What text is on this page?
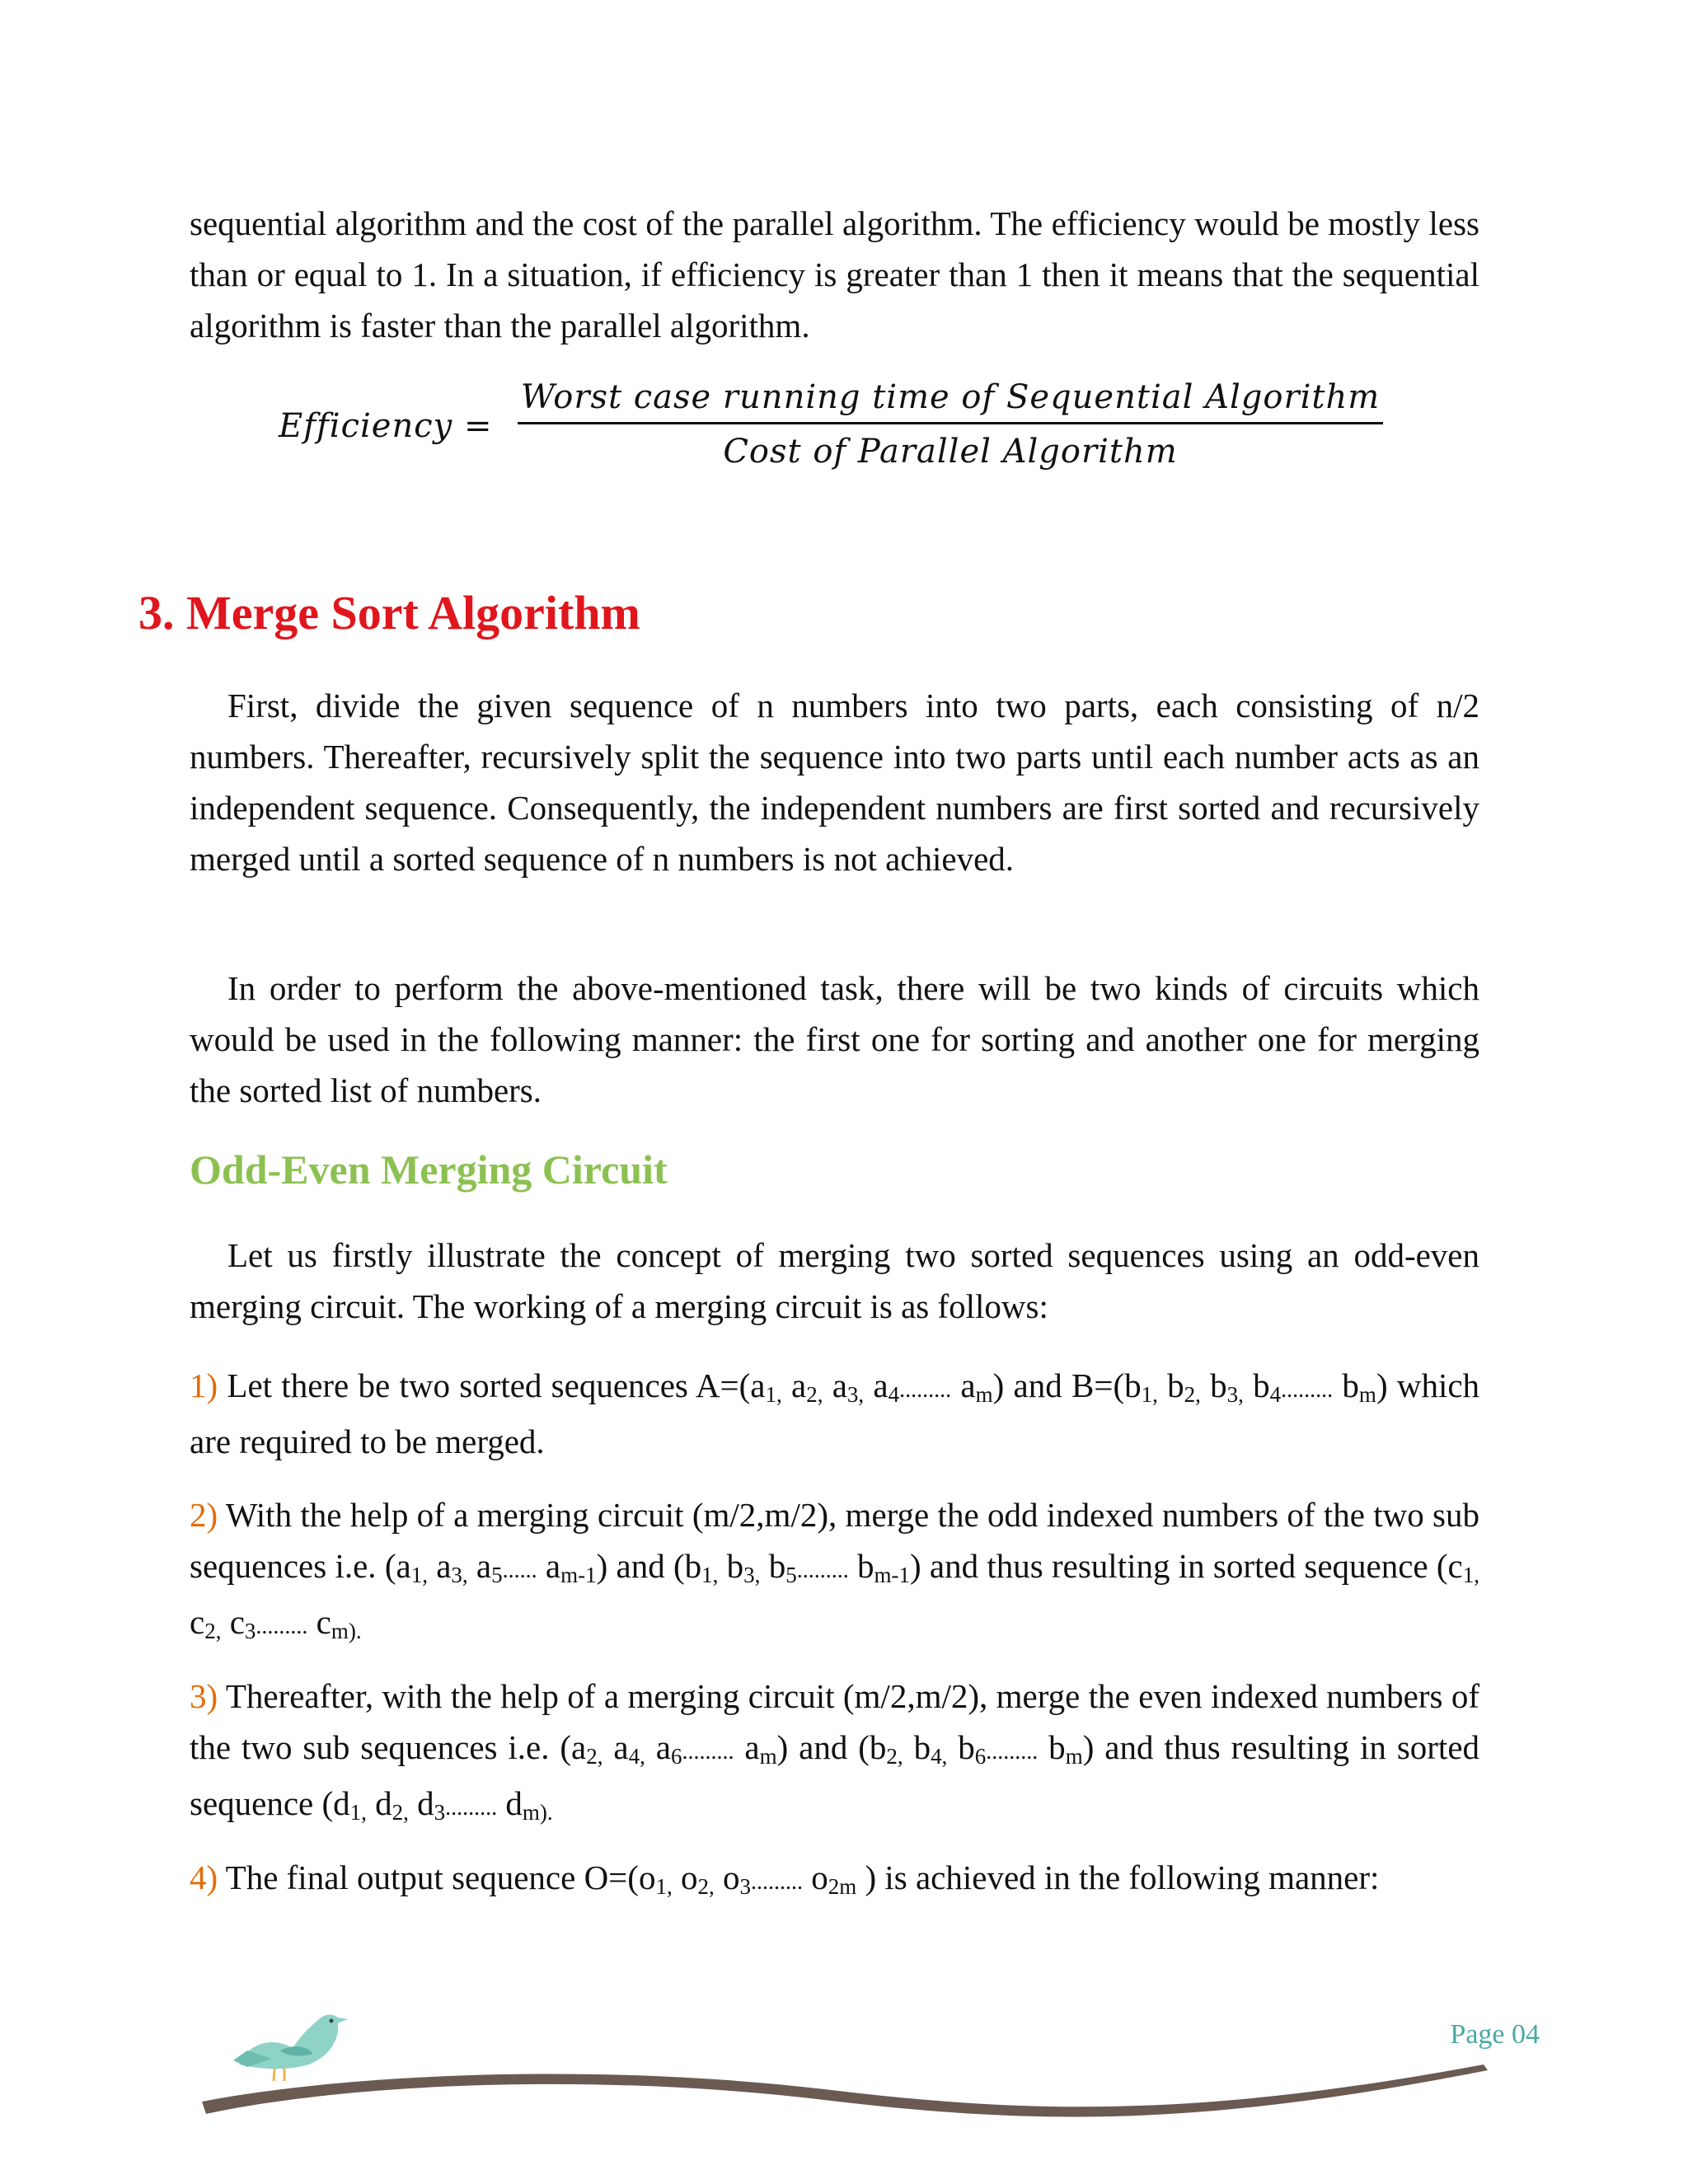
sequential algorithm and the cost of the parallel algorithm. The efficiency would be mostly less than or equal to 1. In a situation, if efficiency is greater than 1 then it means that the sequential algorithm is faster than the parallel algorithm.

Efficiency =
Worst case running time of Sequential Algorithm
Cost of Parallel Algorithm
3. Merge Sort Algorithm

First, divide the given sequence of n numbers into two parts, each consisting of n/2 numbers. Thereafter, recursively split the sequence into two parts until each number acts as an independent sequence. Consequently, the independent numbers are first sorted and recursively merged until a sorted sequence of n numbers is not achieved.

In order to perform the above-mentioned task, there will be two kinds of circuits which would be used in the following manner: the first one for sorting and another one for merging the sorted list of numbers.

Odd-Even Merging Circuit

Let us firstly illustrate the concept of merging two sorted sequences using an odd-even merging circuit. The working of a merging circuit is as follows:

1) Let there be two sorted sequences $A=(a_{1,}$ $a_{2,}$ $a_{3,}$ $a_4$......... $a_m$) and $B=(b_{1,}$ $b_{2,}$ $b_{3,}$ $b_4$......... $b_m$) which are required to be merged.

2) With the help of a merging circuit (m/2,m/2), merge the odd indexed numbers of the two sub sequences i.e. ($a_{1,}$ $a_{3,}$ $a_5$...... $a_{m-1}$) and ($b_{1,}$ $b_{3,}$ $b_5$......... $b_{m-1}$) and thus resulting in sorted sequence ($c_{1,}$ $c_{2,}$ $c_3$......... $c_{m).}$

3) Thereafter, with the help of a merging circuit (m/2,m/2), merge the even indexed numbers of the two sub sequences i.e. ($a_{2,}$ $a_{4,}$ $a_6$......... $a_m$) and ($b_{2,}$ $b_{4,}$ $b_6$......... $b_m$) and thus resulting in sorted sequence ($d_{1,}$ $d_{2,}$ $d_3$......... $d_{m).}$

4) The final output sequence $O=(o_{1,}$ $o_{2,}$ $o_3$......... $o_{2m}$ ) is achieved in the following manner:

Page 04
